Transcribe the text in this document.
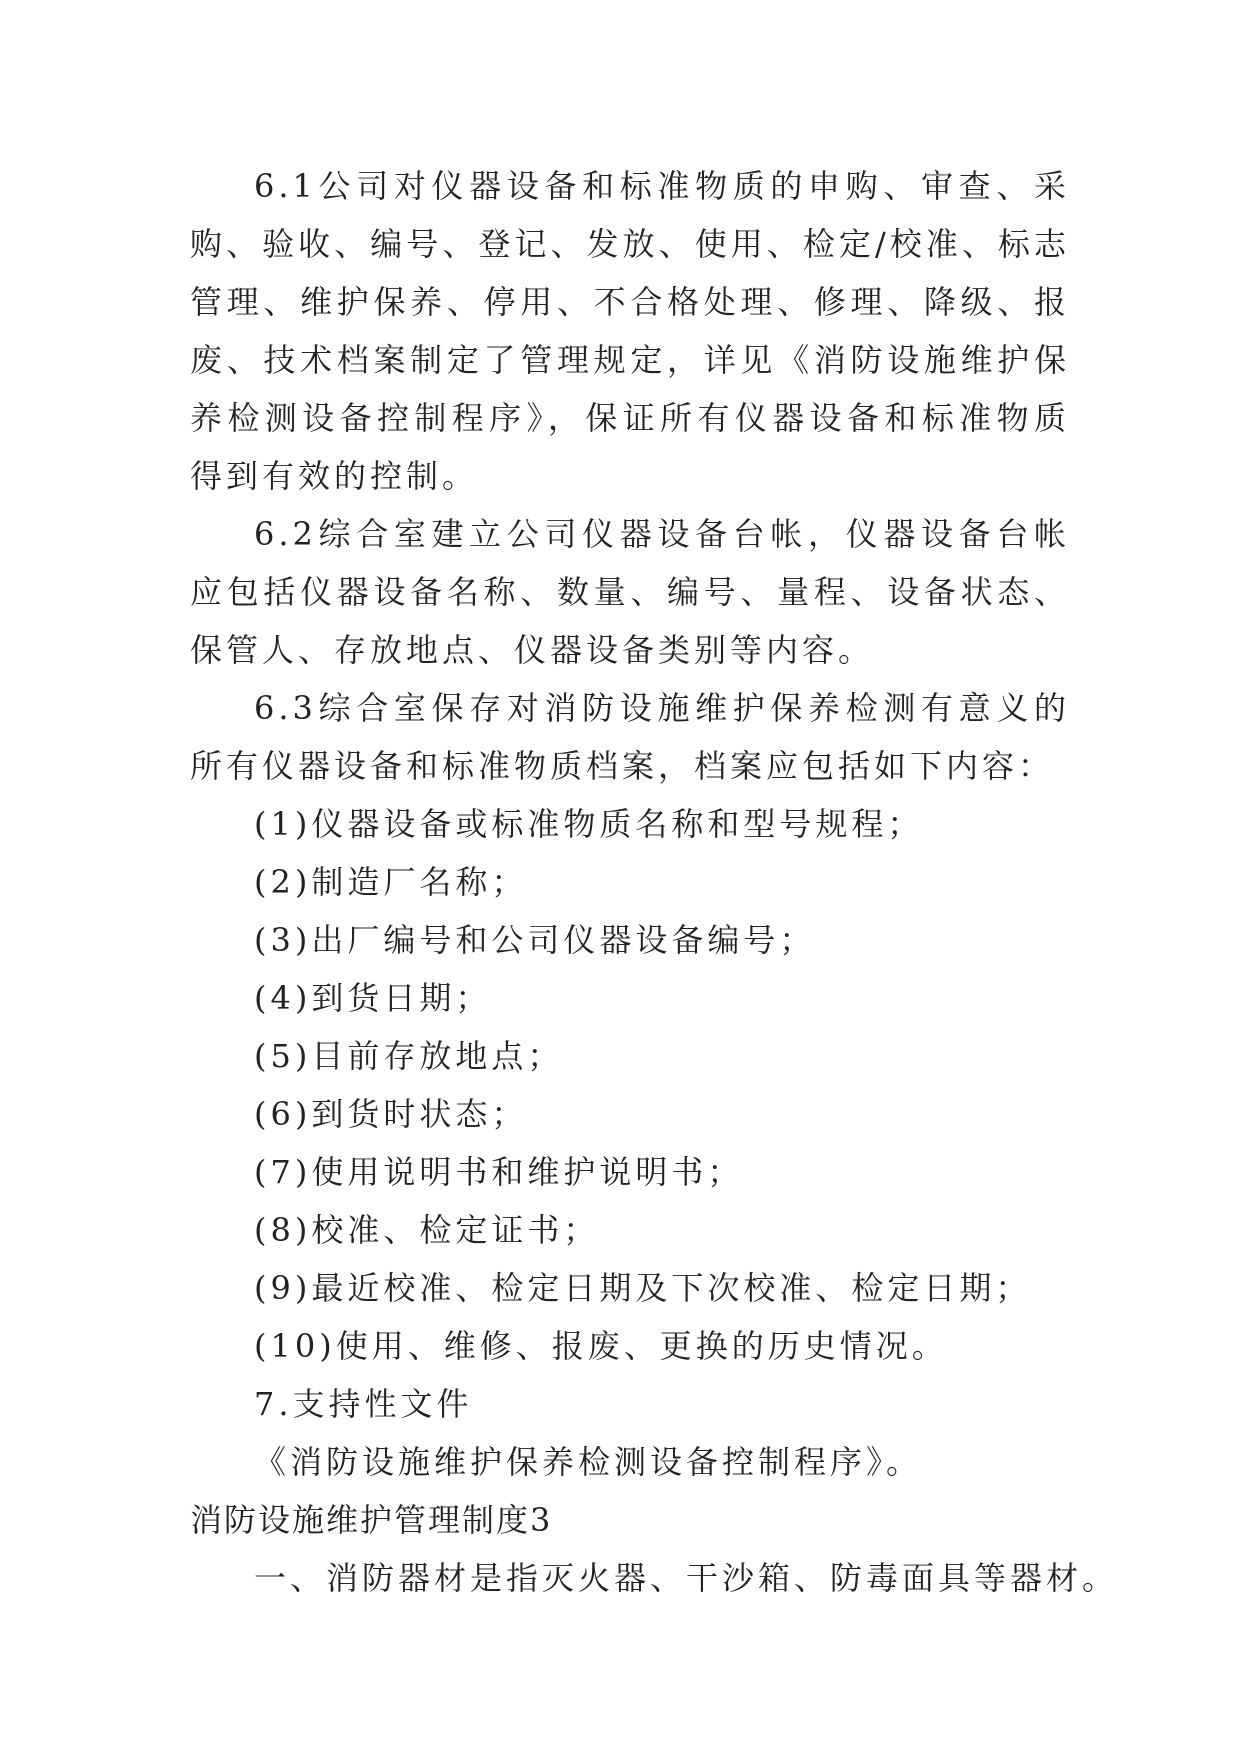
6.1公司对仪器设备和标准物质的申购、审查、采购、验收、编号、登记、发放、使用、检定/校准、标志管理、维护保养、停用、不合格处理、修理、降级、报废、技术档案制定了管理规定，详见《消防设施维护保养检测设备控制程序》，保证所有仪器设备和标准物质得到有效的控制。

6.2综合室建立公司仪器设备台帐，仪器设备台帐应包括仪器设备名称、数量、编号、量程、设备状态、保管人、存放地点、仪器设备类别等内容。

6.3综合室保存对消防设施维护保养检测有意义的所有仪器设备和标准物质档案，档案应包括如下内容：

(1)仪器设备或标准物质名称和型号规程；

(2)制造厂名称；

(3)出厂编号和公司仪器设备编号；

(4)到货日期；

(5)目前存放地点；

(6)到货时状态；

(7)使用说明书和维护说明书；

(8)校准、检定证书；

(9)最近校准、检定日期及下次校准、检定日期；

(10)使用、维修、报废、更换的历史情况。

7.支持性文件

《消防设施维护保养检测设备控制程序》。

消防设施维护管理制度3

一、消防器材是指灭火器、干沙箱、防毒面具等器材。
